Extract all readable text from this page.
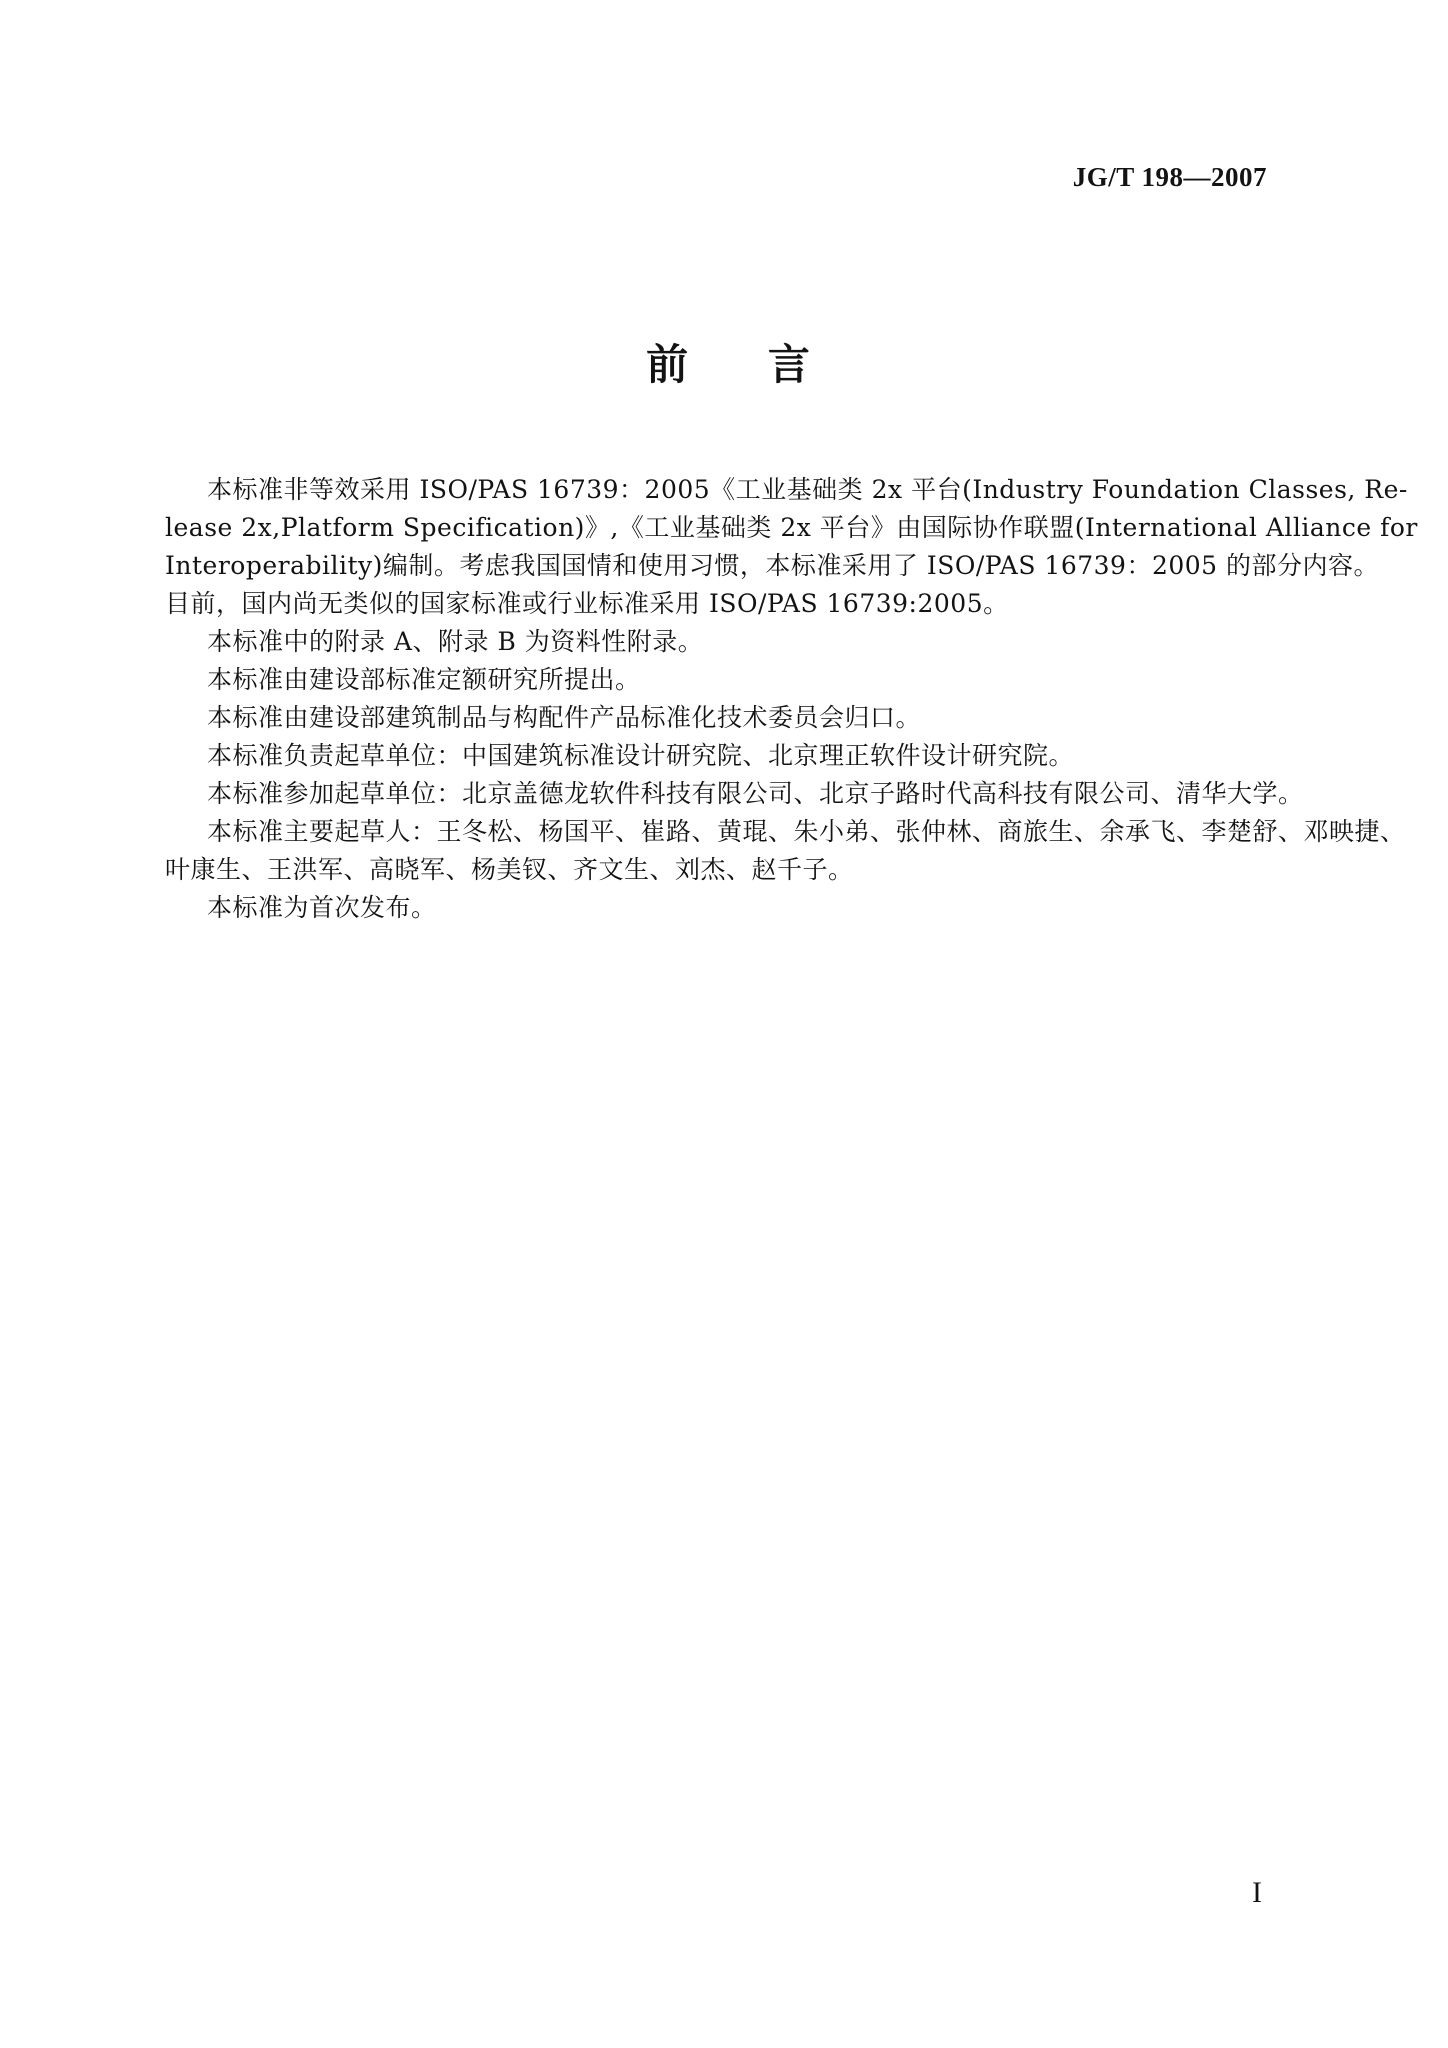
JG/T 198—2007
前言
本标准非等效采用 ISO/PAS 16739：2005《工业基础类 2x 平台(Industry Foundation Classes, Re-
lease 2x,Platform Specification)》,《工业基础类 2x 平台》由国际协作联盟(International Alliance for
Interoperability)编制。考虑我国国情和使用习惯，本标准采用了 ISO/PAS 16739：2005 的部分内容。
目前，国内尚无类似的国家标准或行业标准采用 ISO/PAS 16739:2005。
本标准中的附录 A、附录 B 为资料性附录。
本标准由建设部标准定额研究所提出。
本标准由建设部建筑制品与构配件产品标准化技术委员会归口。
本标准负责起草单位：中国建筑标准设计研究院、北京理正软件设计研究院。
本标准参加起草单位：北京盖德龙软件科技有限公司、北京子路时代高科技有限公司、清华大学。
本标准主要起草人：王冬松、杨国平、崔路、黄琨、朱小弟、张仲林、商旅生、余承飞、李楚舒、邓映捷、
叶康生、王洪军、高晓军、杨美钗、齐文生、刘杰、赵千子。
本标准为首次发布。
I
